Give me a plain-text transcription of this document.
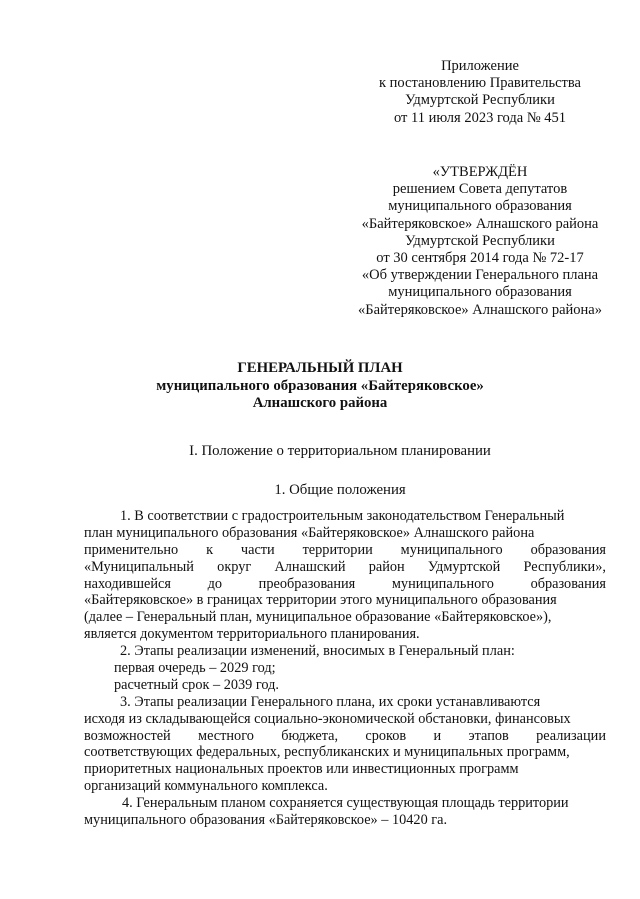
Приложение
к постановлению Правительства
Удмуртской Республики
от 11 июля 2023 года № 451
«УТВЕРЖДЁН
решением Совета депутатов
муниципального образования
«Байтеряковское» Алнашского района
Удмуртской Республики
от 30 сентября 2014 года № 72-17
«Об утверждении Генерального плана
муниципального образования
«Байтеряковское» Алнашского района»
ГЕНЕРАЛЬНЫЙ ПЛАН
муниципального образования «Байтеряковское»
Алнашского района
I. Положение о территориальном планировании
1. Общие положения
1. В соответствии с градостроительным законодательством Генеральный
план муниципального образования «Байтеряковское» Алнашского района
применительно к части территории муниципального образования
«Муниципальный округ Алнашский район Удмуртской Республики»,
находившейся	до	преобразования	муниципального	образования
«Байтеряковское» в границах территории этого муниципального образования
(далее – Генеральный план, муниципальное образование «Байтеряковское»),
является документом территориального планирования.
2. Этапы реализации изменений, вносимых в Генеральный план:
первая очередь – 2029 год;
расчетный срок – 2039 год.
3. Этапы реализации Генерального плана, их сроки устанавливаются
исходя из складывающейся социально-экономической обстановки, финансовых
возможностей местного бюджета, сроков и этапов реализации
соответствующих федеральных, республиканских и муниципальных программ,
приоритетных национальных проектов или инвестиционных программ
организаций коммунального комплекса.
4. Генеральным планом сохраняется существующая площадь территории
муниципального образования «Байтеряковское» – 10420 га.
